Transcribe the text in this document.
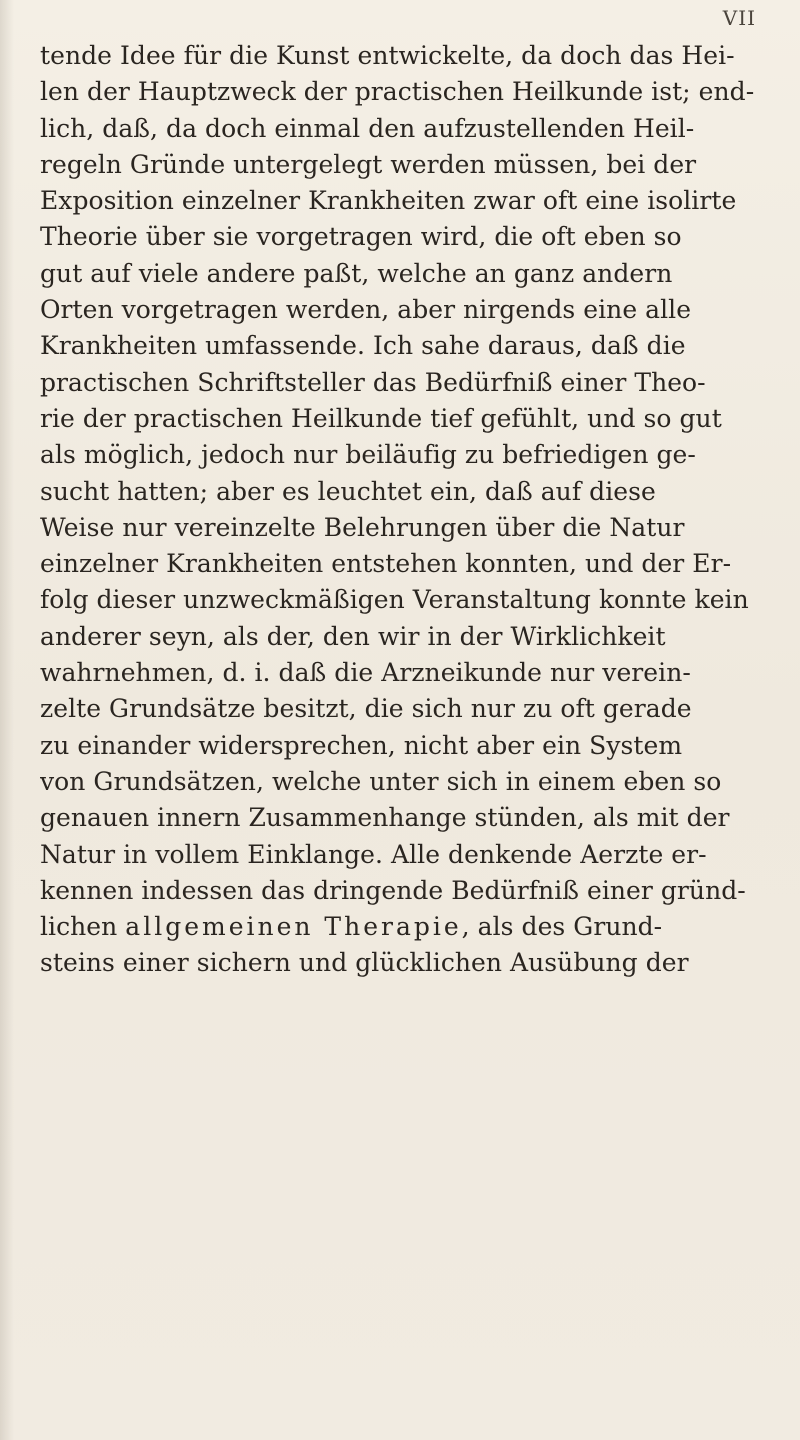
VII
tende Idee für die Kunst entwickelte, da doch das Hei-
len der Hauptzweck der practischen Heilkunde ist; end-
lich, daß, da doch einmal den aufzustellenden Heil-
regeln Gründe untergelegt werden müssen, bei der
Exposition einzelner Krankheiten zwar oft eine isolirte
Theorie über sie vorgetragen wird, die oft eben so
gut auf viele andere paßt, welche an ganz andern
Orten vorgetragen werden, aber nirgends eine alle
Krankheiten umfassende. Ich sahe daraus, daß die
practischen Schriftsteller das Bedürfniß einer Theo-
rie der practischen Heilkunde tief gefühlt, und so gut
als möglich, jedoch nur beiläufig zu befriedigen ge-
sucht hatten; aber es leuchtet ein, daß auf diese
Weise nur vereinzelte Belehrungen über die Natur
einzelner Krankheiten entstehen konnten, und der Er-
folg dieser unzweckmäßigen Veranstaltung konnte kein
anderer seyn, als der, den wir in der Wirklichkeit
wahrnehmen, d. i. daß die Arzneikunde nur verein-
zelte Grundsätze besitzt, die sich nur zu oft gerade
zu einander widersprechen, nicht aber ein System
von Grundsätzen, welche unter sich in einem eben so
genauen innern Zusammenhange stünden, als mit der
Natur in vollem Einklange. Alle denkende Aerzte er-
kennen indessen das dringende Bedürfniß einer gründ-
lichen allgemeinen Therapie, als des Grund-
steins einer sichern und glücklichen Ausübung der
